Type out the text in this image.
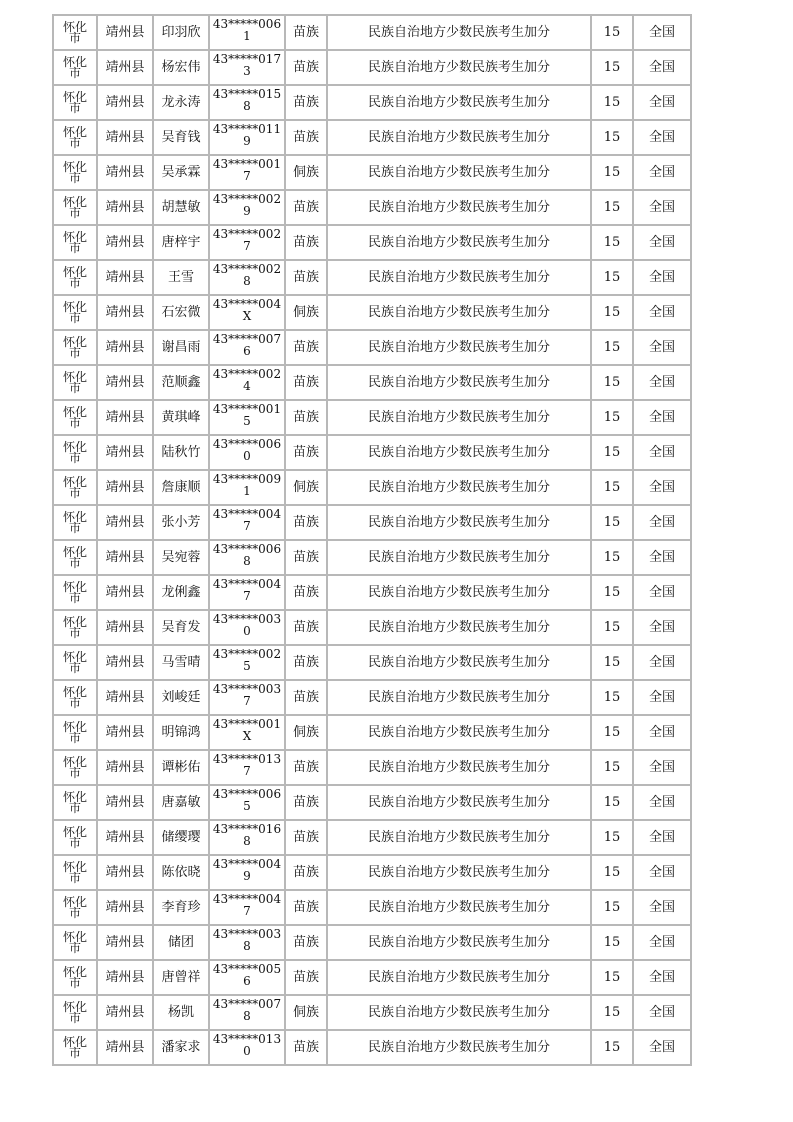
怀化市	靖州县	印羽欣	43*****0061	苗族	民族自治地方少数民族考生加分	15	全国
怀化市	靖州县	杨宏伟	43*****0173	苗族	民族自治地方少数民族考生加分	15	全国
怀化市	靖州县	龙永涛	43*****0158	苗族	民族自治地方少数民族考生加分	15	全国
怀化市	靖州县	吴育钱	43*****0119	苗族	民族自治地方少数民族考生加分	15	全国
怀化市	靖州县	吴承霖	43*****0017	侗族	民族自治地方少数民族考生加分	15	全国
怀化市	靖州县	胡慧敏	43*****0029	苗族	民族自治地方少数民族考生加分	15	全国
怀化市	靖州县	唐梓宇	43*****0027	苗族	民族自治地方少数民族考生加分	15	全国
怀化市	靖州县	王雪	43*****0028	苗族	民族自治地方少数民族考生加分	15	全国
怀化市	靖州县	石宏微	43*****004X	侗族	民族自治地方少数民族考生加分	15	全国
怀化市	靖州县	谢昌雨	43*****0076	苗族	民族自治地方少数民族考生加分	15	全国
怀化市	靖州县	范顺鑫	43*****0024	苗族	民族自治地方少数民族考生加分	15	全国
怀化市	靖州县	黄琪峰	43*****0015	苗族	民族自治地方少数民族考生加分	15	全国
怀化市	靖州县	陆秋竹	43*****0060	苗族	民族自治地方少数民族考生加分	15	全国
怀化市	靖州县	詹康顺	43*****0091	侗族	民族自治地方少数民族考生加分	15	全国
怀化市	靖州县	张小芳	43*****0047	苗族	民族自治地方少数民族考生加分	15	全国
怀化市	靖州县	吴宛蓉	43*****0068	苗族	民族自治地方少数民族考生加分	15	全国
怀化市	靖州县	龙俐鑫	43*****0047	苗族	民族自治地方少数民族考生加分	15	全国
怀化市	靖州县	吴育发	43*****0030	苗族	民族自治地方少数民族考生加分	15	全国
怀化市	靖州县	马雪晴	43*****0025	苗族	民族自治地方少数民族考生加分	15	全国
怀化市	靖州县	刘峻廷	43*****0037	苗族	民族自治地方少数民族考生加分	15	全国
怀化市	靖州县	明锦鸿	43*****001X	侗族	民族自治地方少数民族考生加分	15	全国
怀化市	靖州县	谭彬佑	43*****0137	苗族	民族自治地方少数民族考生加分	15	全国
怀化市	靖州县	唐嘉敏	43*****0065	苗族	民族自治地方少数民族考生加分	15	全国
怀化市	靖州县	储缨璎	43*****0168	苗族	民族自治地方少数民族考生加分	15	全国
怀化市	靖州县	陈依晓	43*****0049	苗族	民族自治地方少数民族考生加分	15	全国
怀化市	靖州县	李育珍	43*****0047	苗族	民族自治地方少数民族考生加分	15	全国
怀化市	靖州县	储团	43*****0038	苗族	民族自治地方少数民族考生加分	15	全国
怀化市	靖州县	唐曾祥	43*****0056	苗族	民族自治地方少数民族考生加分	15	全国
怀化市	靖州县	杨凯	43*****0078	侗族	民族自治地方少数民族考生加分	15	全国
怀化市	靖州县	潘家求	43*****0130	苗族	民族自治地方少数民族考生加分	15	全国
